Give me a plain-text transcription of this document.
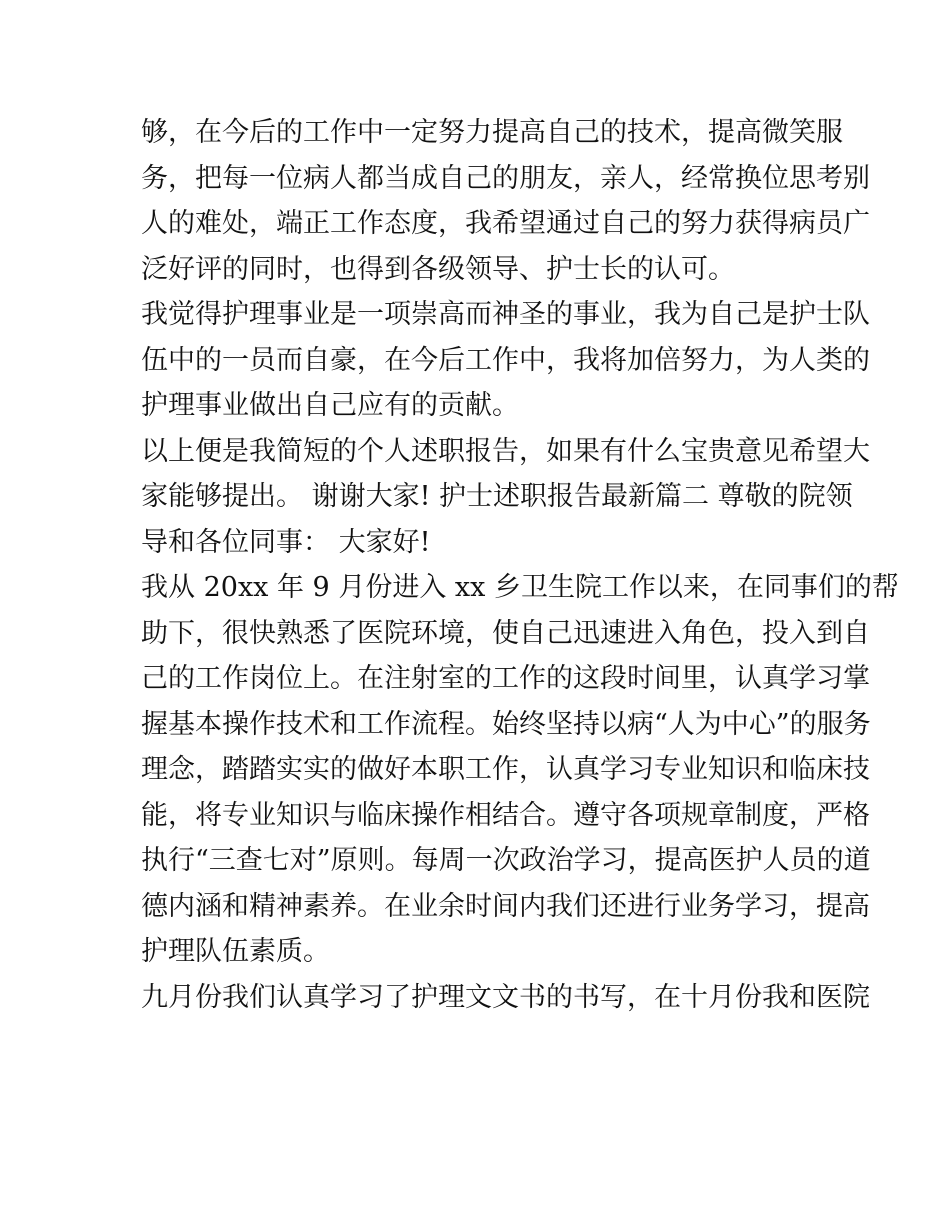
够，在今后的工作中一定努力提高自己的技术，提高微笑服
务，把每一位病人都当成自己的朋友，亲人，经常换位思考别
人的难处，端正工作态度，我希望通过自己的努力获得病员广
泛好评的同时，也得到各级领导、护士长的认可。
我觉得护理事业是一项崇高而神圣的事业，我为自己是护士队
伍中的一员而自豪，在今后工作中，我将加倍努力，为人类的
护理事业做出自己应有的贡献。
以上便是我简短的个人述职报告，如果有什么宝贵意见希望大
家能够提出。 谢谢大家! 护士述职报告最新篇二 尊敬的院领
导和各位同事： 大家好!
我从 20xx 年 9 月份进入 xx 乡卫生院工作以来，在同事们的帮
助下，很快熟悉了医院环境，使自己迅速进入角色，投入到自
己的工作岗位上。在注射室的工作的这段时间里，认真学习掌
握基本操作技术和工作流程。始终坚持以病“人为中心”的服务
理念，踏踏实实的做好本职工作，认真学习专业知识和临床技
能，将专业知识与临床操作相结合。遵守各项规章制度，严格
执行“三查七对”原则。每周一次政治学习，提高医护人员的道
德内涵和精神素养。在业余时间内我们还进行业务学习，提高
护理队伍素质。
九月份我们认真学习了护理文文书的书写，在十月份我和医院
